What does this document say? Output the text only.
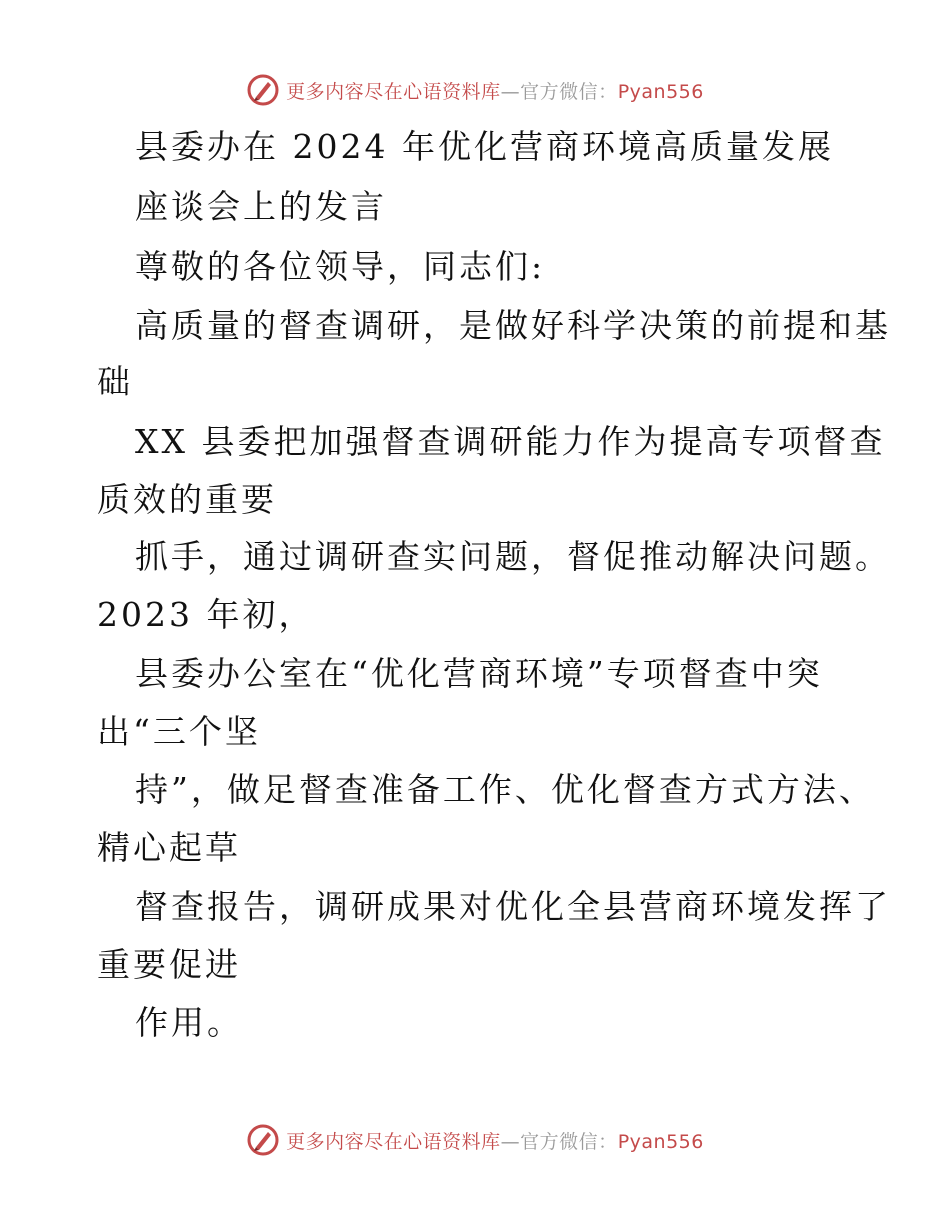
更多内容尽在心语资料库—官方微信：Pyan556
县委办在 2024 年优化营商环境高质量发展
座谈会上的发言
尊敬的各位领导，同志们:
高质量的督查调研，是做好科学决策的前提和基
础
XX 县委把加强督查调研能力作为提高专项督查
质效的重要
抓手，通过调研查实问题，督促推动解决问题。
2023 年初，
县委办公室在“优化营商环境”专项督查中突
出“三个坚
持”，做足督查准备工作、优化督查方式方法、
精心起草
督查报告，调研成果对优化全县营商环境发挥了
重要促进
作用。
更多内容尽在心语资料库—官方微信：Pyan556
